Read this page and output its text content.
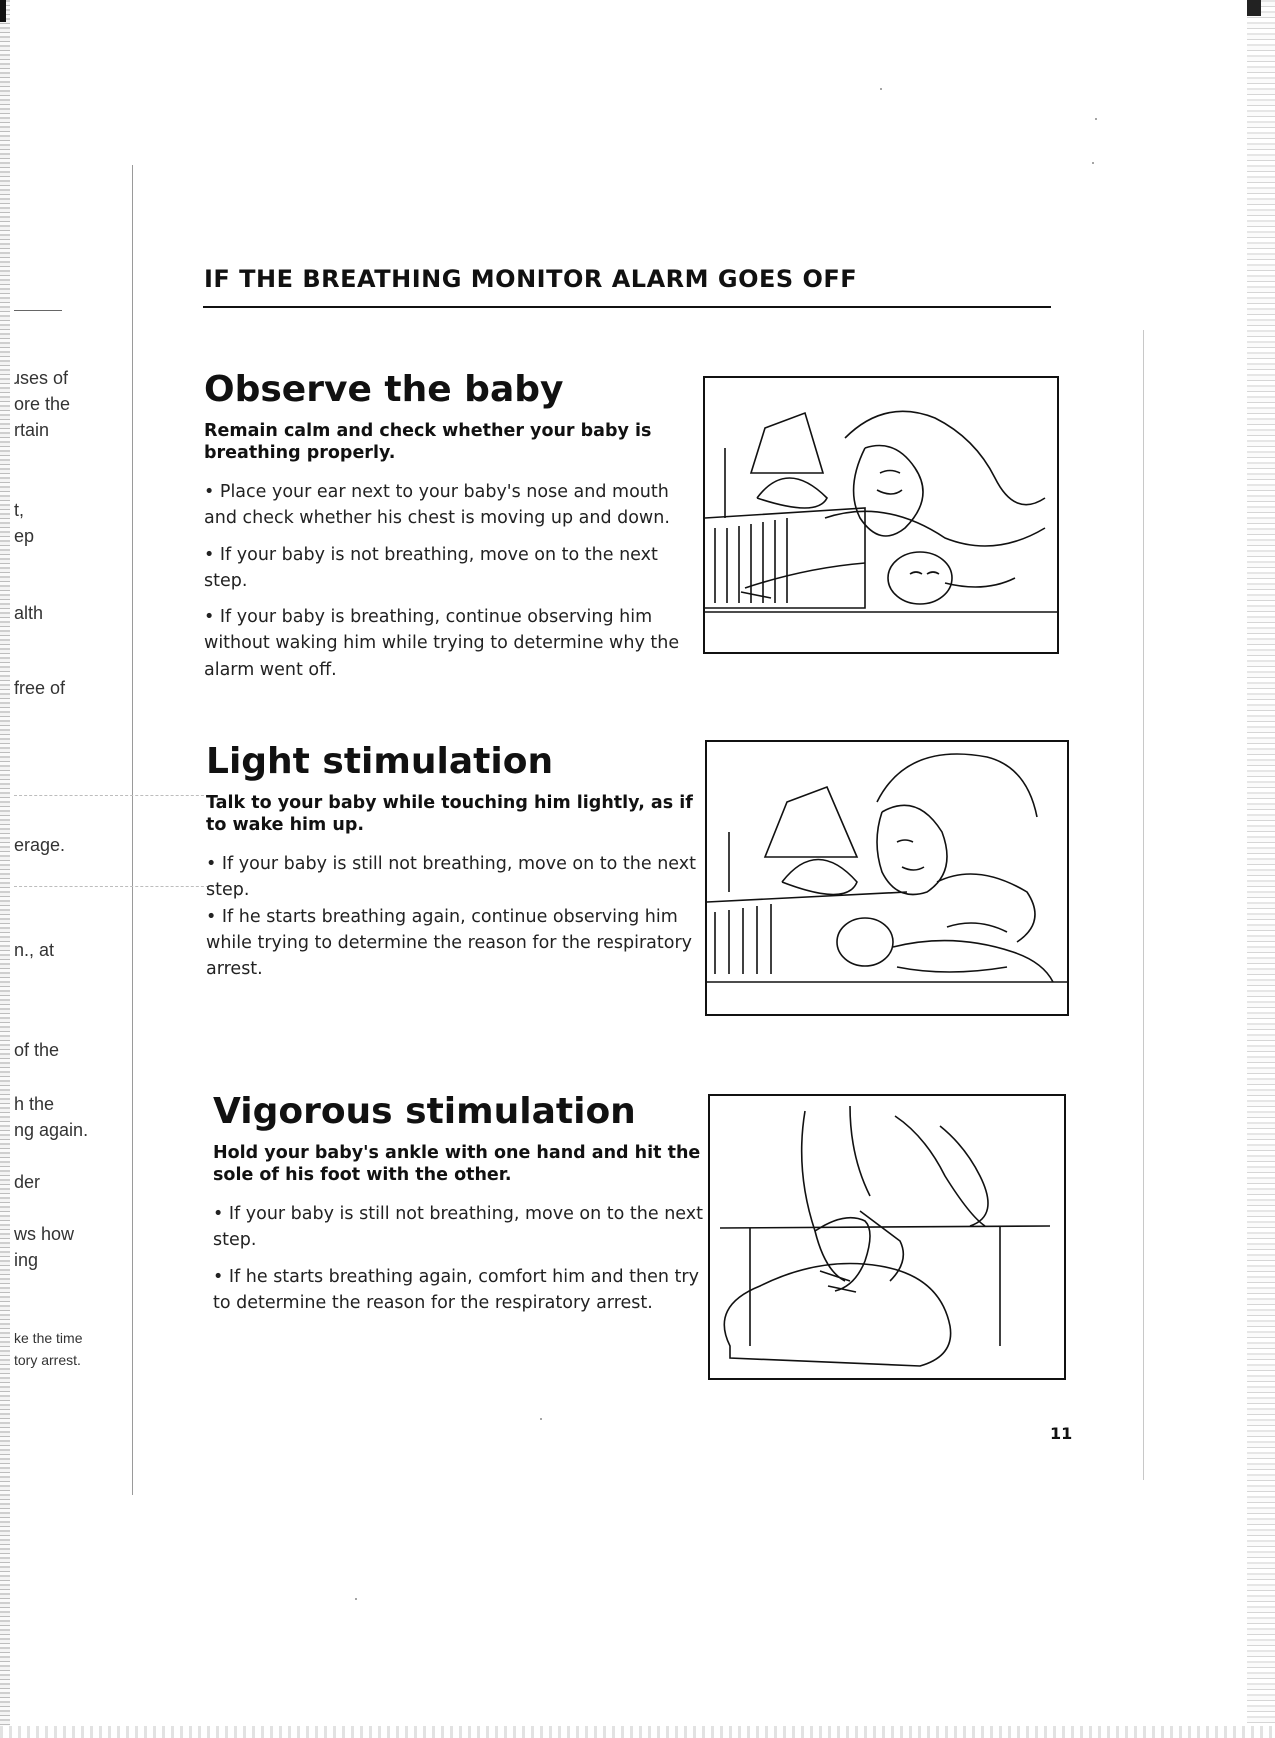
ɹses of
ore the
rtain
t,
ep
alth
free of
erage.
n., at
of the
h the
ng again.
der
ws how
ing
ke the time
tory arrest.
IF THE BREATHING MONITOR ALARM GOES OFF
Observe the baby

Remain calm and check whether your baby is breathing properly.

• Place your ear next to your baby's nose and mouth and check whether his chest is moving up and down.

• If your baby is not breathing, move on to the next step.

• If your baby is breathing, continue observing him without waking him while trying to determine why the alarm went off.

Light stimulation

Talk to your baby while touching him lightly, as if to wake him up.

• If your baby is still not breathing, move on to the next step.

• If he starts breathing again, continue observing him while trying to determine the reason for the respiratory arrest.

Vigorous stimulation

Hold your baby's ankle with one hand and hit the sole of his foot with the other.

• If your baby is still not breathing, move on to the next step.

• If he starts breathing again, comfort him and then try to determine the reason for the respiratory arrest.

11
